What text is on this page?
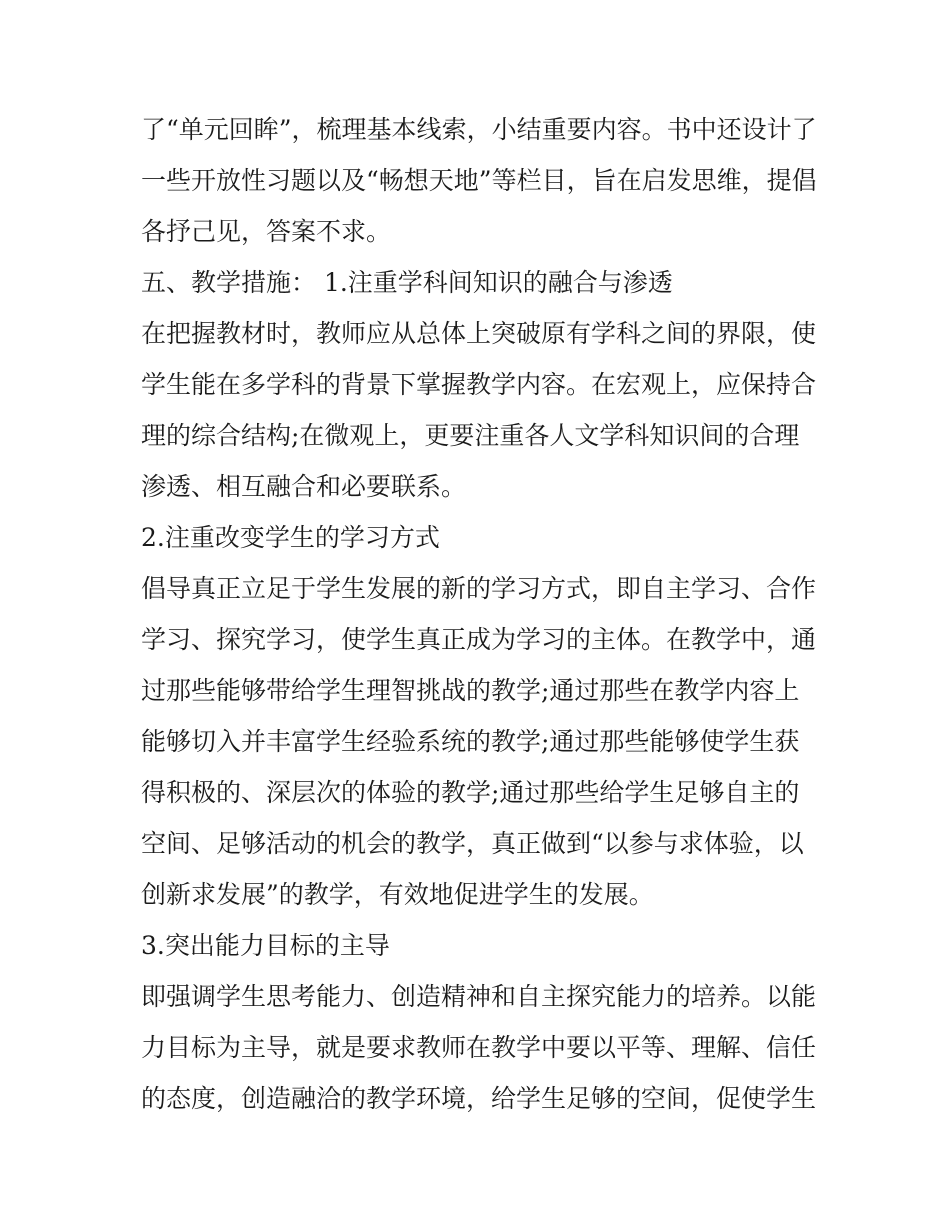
了“单元回眸”，梳理基本线索，小结重要内容。书中还设计了
一些开放性习题以及“畅想天地”等栏目，旨在启发思维，提倡
各抒己见，答案不求。
五、教学措施： 1.注重学科间知识的融合与渗透
在把握教材时，教师应从总体上突破原有学科之间的界限，使
学生能在多学科的背景下掌握教学内容。在宏观上，应保持合
理的综合结构;在微观上，更要注重各人文学科知识间的合理
渗透、相互融合和必要联系。
2.注重改变学生的学习方式
倡导真正立足于学生发展的新的学习方式，即自主学习、合作
学习、探究学习，使学生真正成为学习的主体。在教学中，通
过那些能够带给学生理智挑战的教学;通过那些在教学内容上
能够切入并丰富学生经验系统的教学;通过那些能够使学生获
得积极的、深层次的体验的教学;通过那些给学生足够自主的
空间、足够活动的机会的教学，真正做到“以参与求体验，以
创新求发展”的教学，有效地促进学生的发展。
3.突出能力目标的主导
即强调学生思考能力、创造精神和自主探究能力的培养。以能
力目标为主导，就是要求教师在教学中要以平等、理解、信任
的态度，创造融洽的教学环境，给学生足够的空间，促使学生
